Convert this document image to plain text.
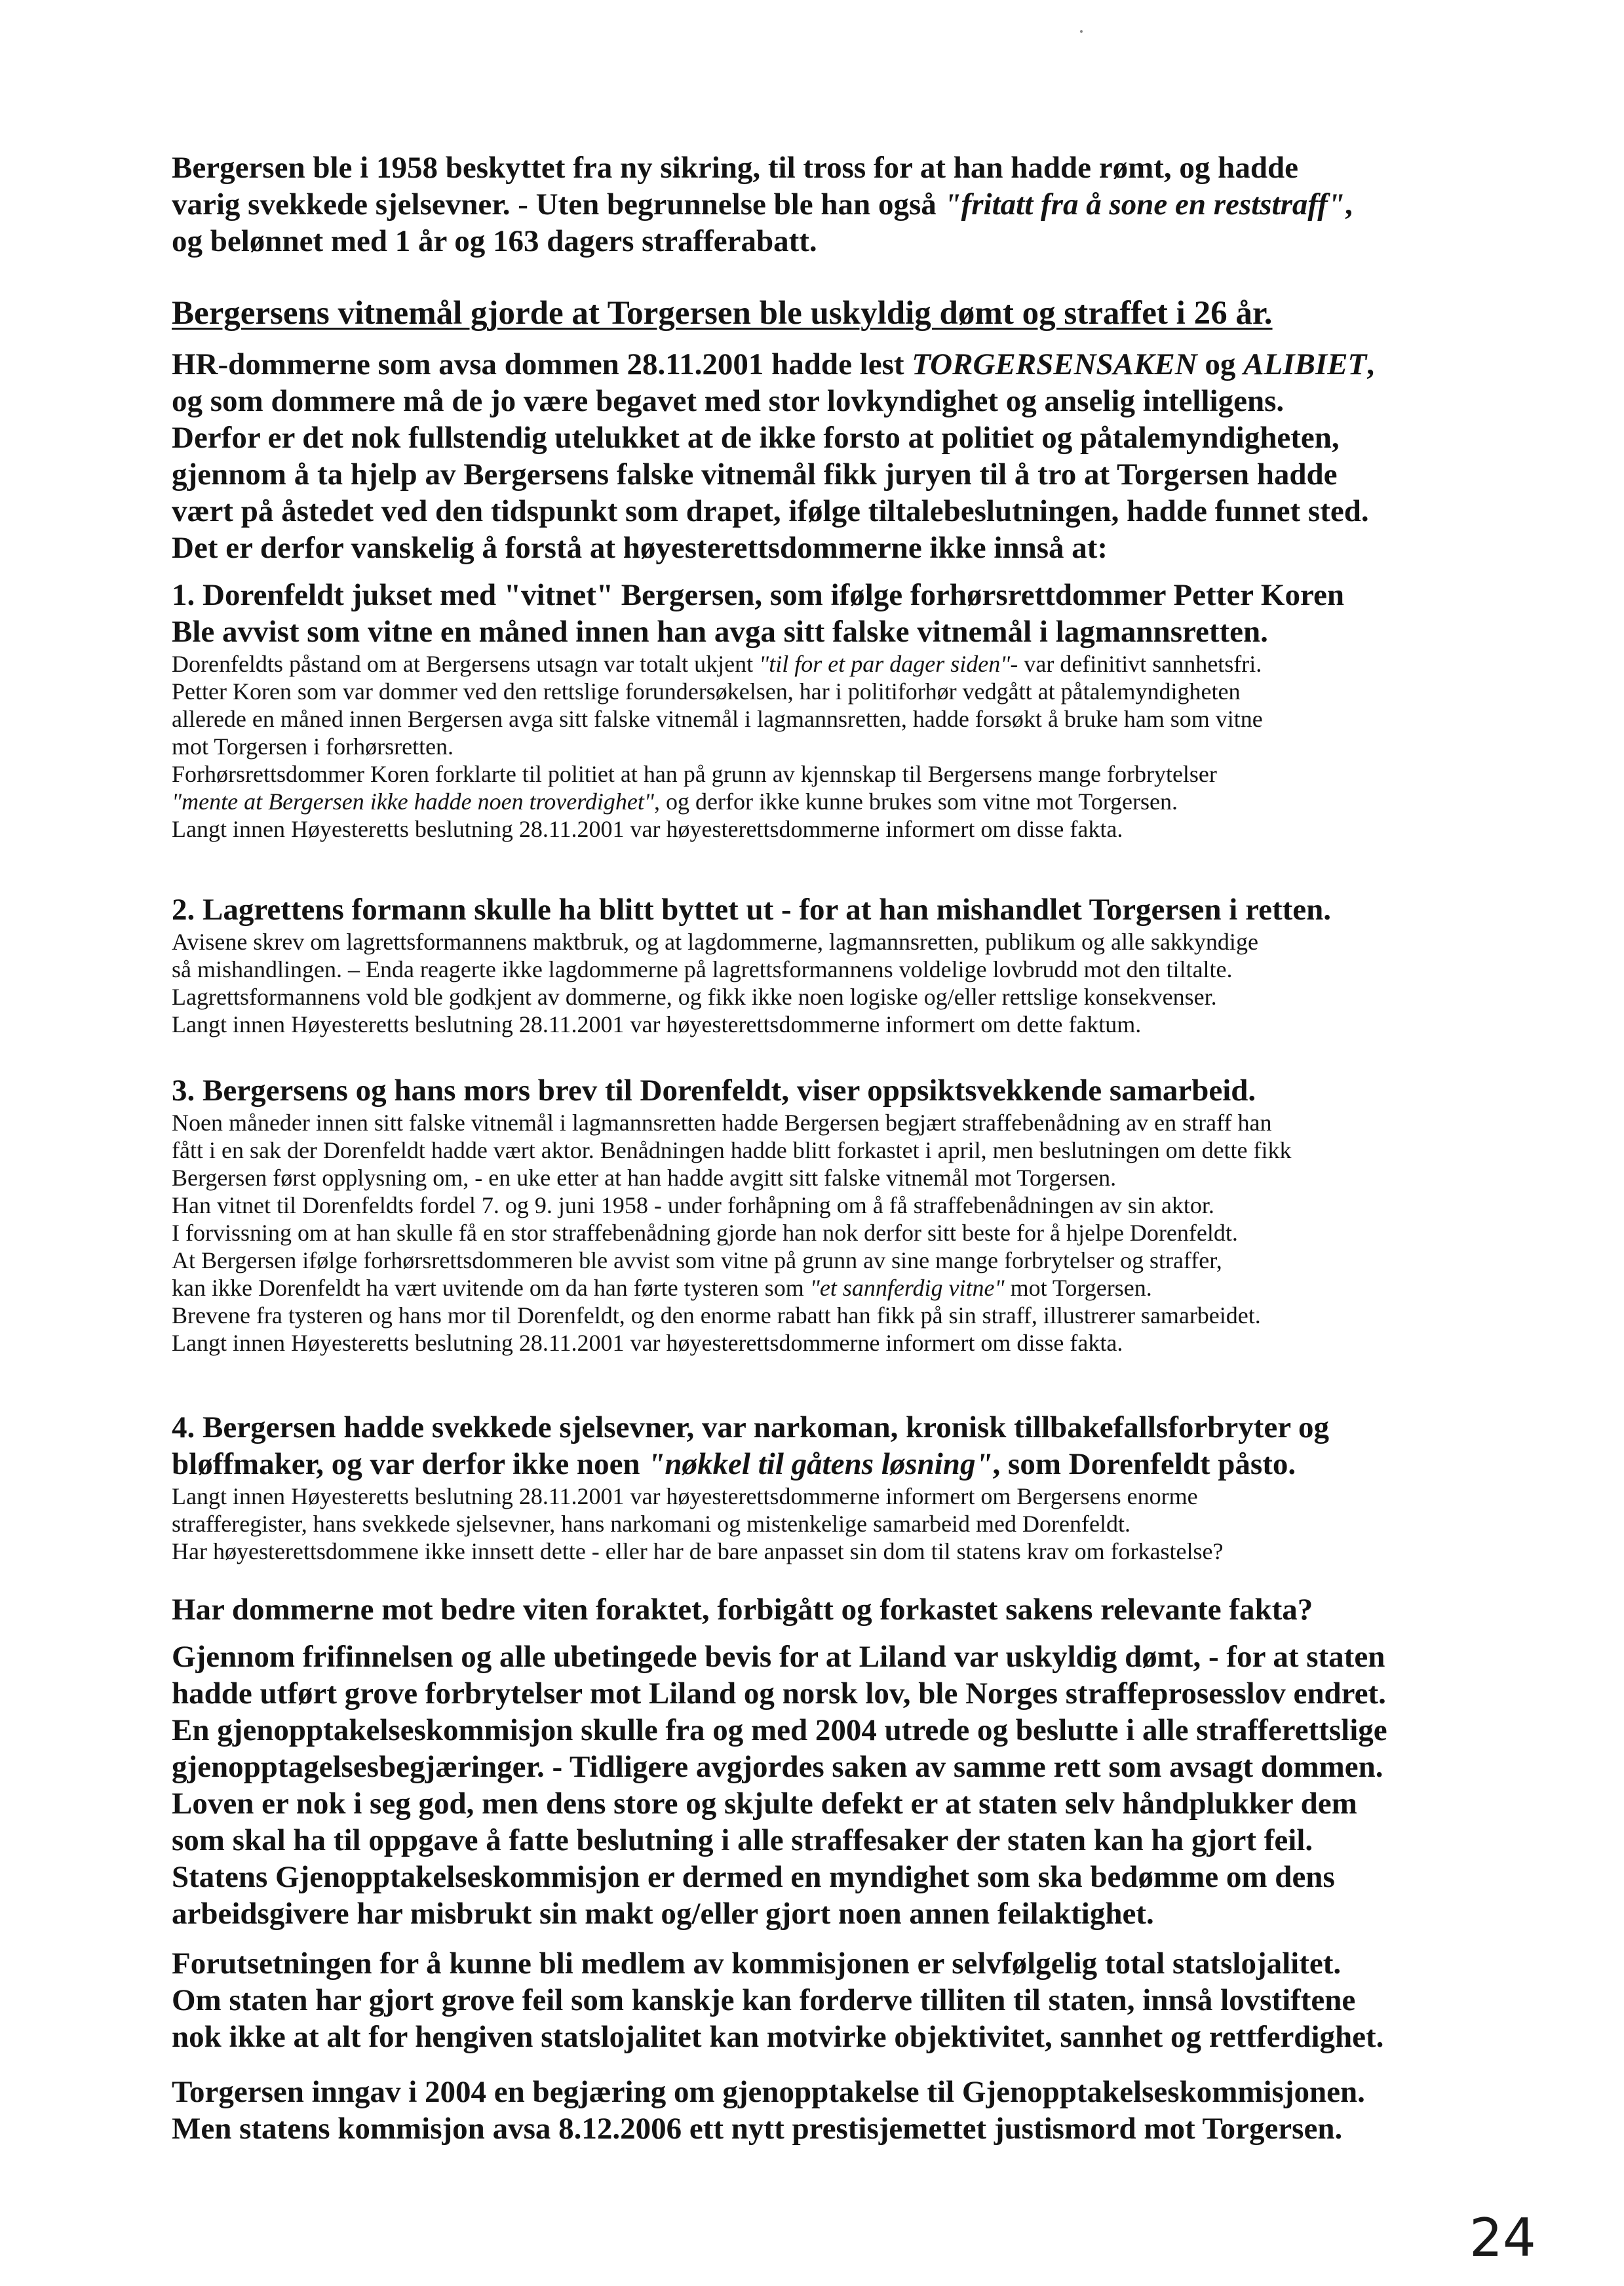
Bergersen ble i 1958 beskyttet fra ny sikring, til tross for at han hadde rømt, og hadde

varig svekkede sjelsevner. - Uten begrunnelse ble han også "fritatt fra å sone en reststraff",

og belønnet med 1 år og 163 dagers strafferabatt.

Bergersens vitnemål gjorde at Torgersen ble uskyldig dømt og straffet i 26 år.

HR-dommerne som avsa dommen 28.11.2001 hadde lest TORGERSENSAKEN og ALIBIET,

og som dommere må de jo være begavet med stor lovkyndighet og anselig intelligens.

Derfor er det nok fullstendig utelukket at de ikke forsto at politiet og påtalemyndigheten,

gjennom å ta hjelp av Bergersens falske vitnemål fikk juryen til å tro at Torgersen hadde

vært på åstedet ved den tidspunkt som drapet, ifølge tiltalebeslutningen, hadde funnet sted.

Det er derfor vanskelig å forstå at høyesterettsdommerne ikke innså at:

1. Dorenfeldt jukset med "vitnet" Bergersen, som ifølge forhørsrettdommer Petter Koren

Ble avvist som vitne en måned innen han avga sitt falske vitnemål i lagmannsretten.

Dorenfeldts påstand om at Bergersens utsagn var totalt ukjent "til for et par dager siden"- var definitivt sannhetsfri.

Petter Koren som var dommer ved den rettslige forundersøkelsen, har i politiforhør vedgått at påtalemyndigheten

allerede en måned innen Bergersen avga sitt falske vitnemål i lagmannsretten, hadde forsøkt å bruke ham som vitne

mot Torgersen i forhørsretten.

Forhørsrettsdommer Koren forklarte til politiet at han på grunn av kjennskap til Bergersens mange forbrytelser

"mente at Bergersen ikke hadde noen troverdighet", og derfor ikke kunne brukes som vitne mot Torgersen.

Langt innen Høyesteretts beslutning 28.11.2001 var høyesterettsdommerne informert om disse fakta.

2. Lagrettens formann skulle ha blitt byttet ut - for at han mishandlet Torgersen i retten.

Avisene skrev om lagrettsformannens maktbruk, og at lagdommerne, lagmannsretten, publikum og alle sakkyndige

så mishandlingen. – Enda reagerte ikke lagdommerne på lagrettsformannens voldelige lovbrudd mot den tiltalte.

Lagrettsformannens vold ble godkjent av dommerne, og fikk ikke noen logiske og/eller rettslige konsekvenser.

Langt innen Høyesteretts beslutning 28.11.2001 var høyesterettsdommerne informert om dette faktum.

3. Bergersens og hans mors brev til Dorenfeldt, viser oppsiktsvekkende samarbeid.

Noen måneder innen sitt falske vitnemål i lagmannsretten hadde Bergersen begjært straffebenådning av en straff han

fått i en sak der Dorenfeldt hadde vært aktor. Benådningen hadde blitt forkastet i april, men beslutningen om dette fikk

Bergersen først opplysning om, - en uke etter at han hadde avgitt sitt falske vitnemål mot Torgersen.

Han vitnet til Dorenfeldts fordel 7. og 9. juni 1958 - under forhåpning om å få straffebenådningen av sin aktor.

I forvissning om at han skulle få en stor straffebenådning gjorde han nok derfor sitt beste for å hjelpe Dorenfeldt.

At Bergersen ifølge forhørsrettsdommeren ble avvist som vitne på grunn av sine mange forbrytelser og straffer,

kan ikke Dorenfeldt ha vært uvitende om da han førte tysteren som "et sannferdig vitne" mot Torgersen.

Brevene fra tysteren og hans mor til Dorenfeldt, og den enorme rabatt han fikk på sin straff, illustrerer samarbeidet.

Langt innen Høyesteretts beslutning 28.11.2001 var høyesterettsdommerne informert om disse fakta.

4. Bergersen hadde svekkede sjelsevner, var narkoman, kronisk tillbakefallsforbryter og

bløffmaker, og var derfor ikke noen "nøkkel til gåtens løsning", som Dorenfeldt påsto.

Langt innen Høyesteretts beslutning 28.11.2001 var høyesterettsdommerne informert om Bergersens enorme

strafferegister, hans svekkede sjelsevner, hans narkomani og mistenkelige samarbeid med Dorenfeldt.

Har høyesterettsdommene ikke innsett dette - eller har de bare anpasset sin dom til statens krav om forkastelse?

Har dommerne mot bedre viten foraktet, forbigått og forkastet sakens relevante fakta?

Gjennom frifinnelsen og alle ubetingede bevis for at Liland var uskyldig dømt, - for at staten

hadde utført grove forbrytelser mot Liland og norsk lov, ble Norges straffeprosesslov endret.

En gjenopptakelseskommisjon skulle fra og med 2004 utrede og beslutte i alle strafferettslige

gjenopptagelsesbegjæringer. - Tidligere avgjordes saken av samme rett som avsagt dommen.

Loven er nok i seg god, men dens store og skjulte defekt er at staten selv håndplukker dem

som skal ha til oppgave å fatte beslutning i alle straffesaker der staten kan ha gjort feil.

Statens Gjenopptakelseskommisjon er dermed en myndighet som ska bedømme om dens

arbeidsgivere har misbrukt sin makt og/eller gjort noen annen feilaktighet.

Forutsetningen for å kunne bli medlem av kommisjonen er selvfølgelig total statslojalitet.

Om staten har gjort grove feil som kanskje kan forderve tilliten til staten, innså lovstiftene

nok ikke at alt for hengiven statslojalitet kan motvirke objektivitet, sannhet og rettferdighet.

Torgersen inngav i 2004 en begjæring om gjenopptakelse til Gjenopptakelseskommisjonen.

Men statens kommisjon avsa 8.12.2006 ett nytt prestisjemettet justismord mot Torgersen.

24
